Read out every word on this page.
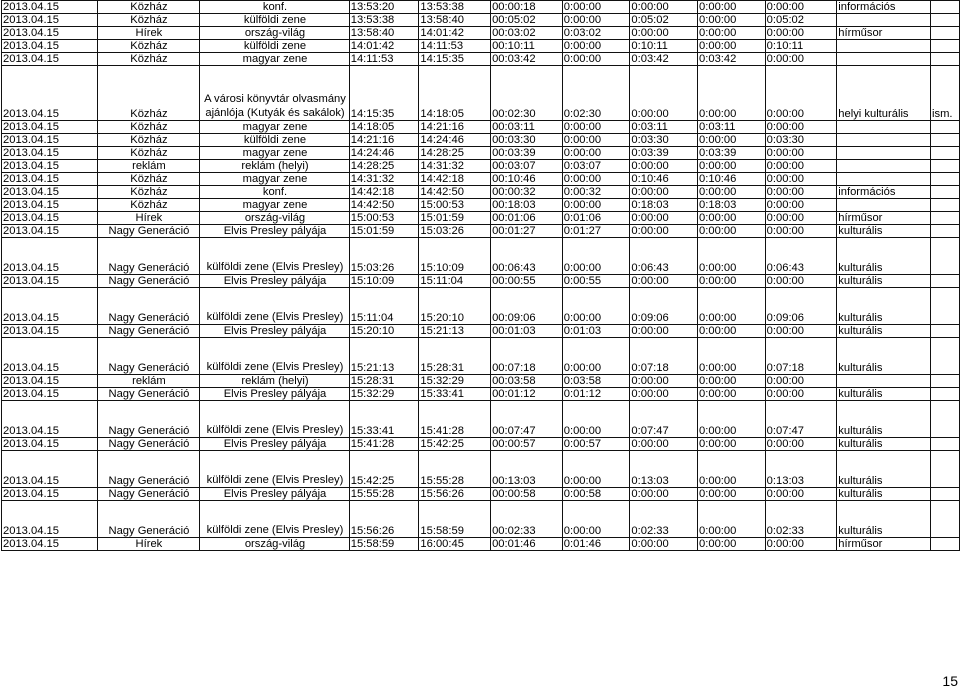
2013.04.15	Közház	konf.	13:53:20	13:53:38	00:00:18	0:00:00	0:00:00	0:00:00	0:00:00	információs	
2013.04.15	Közház	külföldi zene	13:53:38	13:58:40	00:05:02	0:00:00	0:05:02	0:00:00	0:05:02		
2013.04.15	Hírek	ország-világ	13:58:40	14:01:42	00:03:02	0:03:02	0:00:00	0:00:00	0:00:00	hírműsor	
2013.04.15	Közház	külföldi zene	14:01:42	14:11:53	00:10:11	0:00:00	0:10:11	0:00:00	0:10:11		
2013.04.15	Közház	magyar zene	14:11:53	14:15:35	00:03:42	0:00:00	0:03:42	0:03:42	0:00:00		
2013.04.15	Közház	A városi könyvtár olvasmány ajánlója (Kutyák és sakálok)	14:15:35	14:18:05	00:02:30	0:02:30	0:00:00	0:00:00	0:00:00	helyi kulturális	ism.
2013.04.15	Közház	magyar zene	14:18:05	14:21:16	00:03:11	0:00:00	0:03:11	0:03:11	0:00:00		
2013.04.15	Közház	külföldi zene	14:21:16	14:24:46	00:03:30	0:00:00	0:03:30	0:00:00	0:03:30		
2013.04.15	Közház	magyar zene	14:24:46	14:28:25	00:03:39	0:00:00	0:03:39	0:03:39	0:00:00		
2013.04.15	reklám	reklám (helyi)	14:28:25	14:31:32	00:03:07	0:03:07	0:00:00	0:00:00	0:00:00		
2013.04.15	Közház	magyar zene	14:31:32	14:42:18	00:10:46	0:00:00	0:10:46	0:10:46	0:00:00		
2013.04.15	Közház	konf.	14:42:18	14:42:50	00:00:32	0:00:32	0:00:00	0:00:00	0:00:00	információs	
2013.04.15	Közház	magyar zene	14:42:50	15:00:53	00:18:03	0:00:00	0:18:03	0:18:03	0:00:00		
2013.04.15	Hírek	ország-világ	15:00:53	15:01:59	00:01:06	0:01:06	0:00:00	0:00:00	0:00:00	hírműsor	
2013.04.15	Nagy Generáció	Elvis Presley pályája	15:01:59	15:03:26	00:01:27	0:01:27	0:00:00	0:00:00	0:00:00	kulturális	
2013.04.15	Nagy Generáció	külföldi zene (Elvis Presley)	15:03:26	15:10:09	00:06:43	0:00:00	0:06:43	0:00:00	0:06:43	kulturális	
2013.04.15	Nagy Generáció	Elvis Presley pályája	15:10:09	15:11:04	00:00:55	0:00:55	0:00:00	0:00:00	0:00:00	kulturális	
2013.04.15	Nagy Generáció	külföldi zene (Elvis Presley)	15:11:04	15:20:10	00:09:06	0:00:00	0:09:06	0:00:00	0:09:06	kulturális	
2013.04.15	Nagy Generáció	Elvis Presley pályája	15:20:10	15:21:13	00:01:03	0:01:03	0:00:00	0:00:00	0:00:00	kulturális	
2013.04.15	Nagy Generáció	külföldi zene (Elvis Presley)	15:21:13	15:28:31	00:07:18	0:00:00	0:07:18	0:00:00	0:07:18	kulturális	
2013.04.15	reklám	reklám (helyi)	15:28:31	15:32:29	00:03:58	0:03:58	0:00:00	0:00:00	0:00:00		
2013.04.15	Nagy Generáció	Elvis Presley pályája	15:32:29	15:33:41	00:01:12	0:01:12	0:00:00	0:00:00	0:00:00	kulturális	
2013.04.15	Nagy Generáció	külföldi zene (Elvis Presley)	15:33:41	15:41:28	00:07:47	0:00:00	0:07:47	0:00:00	0:07:47	kulturális	
2013.04.15	Nagy Generáció	Elvis Presley pályája	15:41:28	15:42:25	00:00:57	0:00:57	0:00:00	0:00:00	0:00:00	kulturális	
2013.04.15	Nagy Generáció	külföldi zene (Elvis Presley)	15:42:25	15:55:28	00:13:03	0:00:00	0:13:03	0:00:00	0:13:03	kulturális	
2013.04.15	Nagy Generáció	Elvis Presley pályája	15:55:28	15:56:26	00:00:58	0:00:58	0:00:00	0:00:00	0:00:00	kulturális	
2013.04.15	Nagy Generáció	külföldi zene (Elvis Presley)	15:56:26	15:58:59	00:02:33	0:00:00	0:02:33	0:00:00	0:02:33	kulturális	
2013.04.15	Hírek	ország-világ	15:58:59	16:00:45	00:01:46	0:01:46	0:00:00	0:00:00	0:00:00	hírműsor	
15
